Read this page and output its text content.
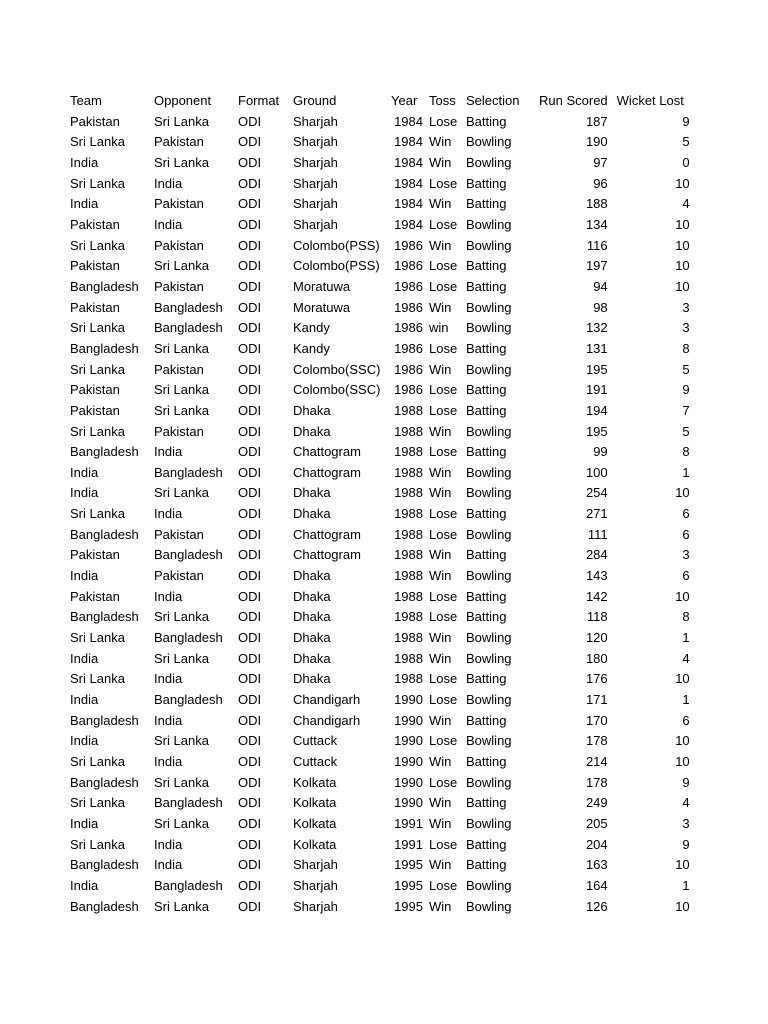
Team	Opponent	Format	Ground	Year	Toss	Selection	Run Scored	Wicket Lost
Pakistan	Sri Lanka	ODI	Sharjah	1984	Lose	Batting	187	9
Sri Lanka	Pakistan	ODI	Sharjah	1984	Win	Bowling	190	5
India	Sri Lanka	ODI	Sharjah	1984	Win	Bowling	97	0
Sri Lanka	India	ODI	Sharjah	1984	Lose	Batting	96	10
India	Pakistan	ODI	Sharjah	1984	Win	Batting	188	4
Pakistan	India	ODI	Sharjah	1984	Lose	Bowling	134	10
Sri Lanka	Pakistan	ODI	Colombo(PSS)	1986	Win	Bowling	116	10
Pakistan	Sri Lanka	ODI	Colombo(PSS)	1986	Lose	Batting	197	10
Bangladesh	Pakistan	ODI	Moratuwa	1986	Lose	Batting	94	10
Pakistan	Bangladesh	ODI	Moratuwa	1986	Win	Bowling	98	3
Sri Lanka	Bangladesh	ODI	Kandy	1986	win	Bowling	132	3
Bangladesh	Sri Lanka	ODI	Kandy	1986	Lose	Batting	131	8
Sri Lanka	Pakistan	ODI	Colombo(SSC)	1986	Win	Bowling	195	5
Pakistan	Sri Lanka	ODI	Colombo(SSC)	1986	Lose	Batting	191	9
Pakistan	Sri Lanka	ODI	Dhaka	1988	Lose	Batting	194	7
Sri Lanka	Pakistan	ODI	Dhaka	1988	Win	Bowling	195	5
Bangladesh	India	ODI	Chattogram	1988	Lose	Batting	99	8
India	Bangladesh	ODI	Chattogram	1988	Win	Bowling	100	1
India	Sri Lanka	ODI	Dhaka	1988	Win	Bowling	254	10
Sri Lanka	India	ODI	Dhaka	1988	Lose	Batting	271	6
Bangladesh	Pakistan	ODI	Chattogram	1988	Lose	Bowling	111	6
Pakistan	Bangladesh	ODI	Chattogram	1988	Win	Batting	284	3
India	Pakistan	ODI	Dhaka	1988	Win	Bowling	143	6
Pakistan	India	ODI	Dhaka	1988	Lose	Batting	142	10
Bangladesh	Sri Lanka	ODI	Dhaka	1988	Lose	Batting	118	8
Sri Lanka	Bangladesh	ODI	Dhaka	1988	Win	Bowling	120	1
India	Sri Lanka	ODI	Dhaka	1988	Win	Bowling	180	4
Sri Lanka	India	ODI	Dhaka	1988	Lose	Batting	176	10
India	Bangladesh	ODI	Chandigarh	1990	Lose	Bowling	171	1
Bangladesh	India	ODI	Chandigarh	1990	Win	Batting	170	6
India	Sri Lanka	ODI	Cuttack	1990	Lose	Bowling	178	10
Sri Lanka	India	ODI	Cuttack	1990	Win	Batting	214	10
Bangladesh	Sri Lanka	ODI	Kolkata	1990	Lose	Bowling	178	9
Sri Lanka	Bangladesh	ODI	Kolkata	1990	Win	Batting	249	4
India	Sri Lanka	ODI	Kolkata	1991	Win	Bowling	205	3
Sri Lanka	India	ODI	Kolkata	1991	Lose	Batting	204	9
Bangladesh	India	ODI	Sharjah	1995	Win	Batting	163	10
India	Bangladesh	ODI	Sharjah	1995	Lose	Bowling	164	1
Bangladesh	Sri Lanka	ODI	Sharjah	1995	Win	Bowling	126	10
